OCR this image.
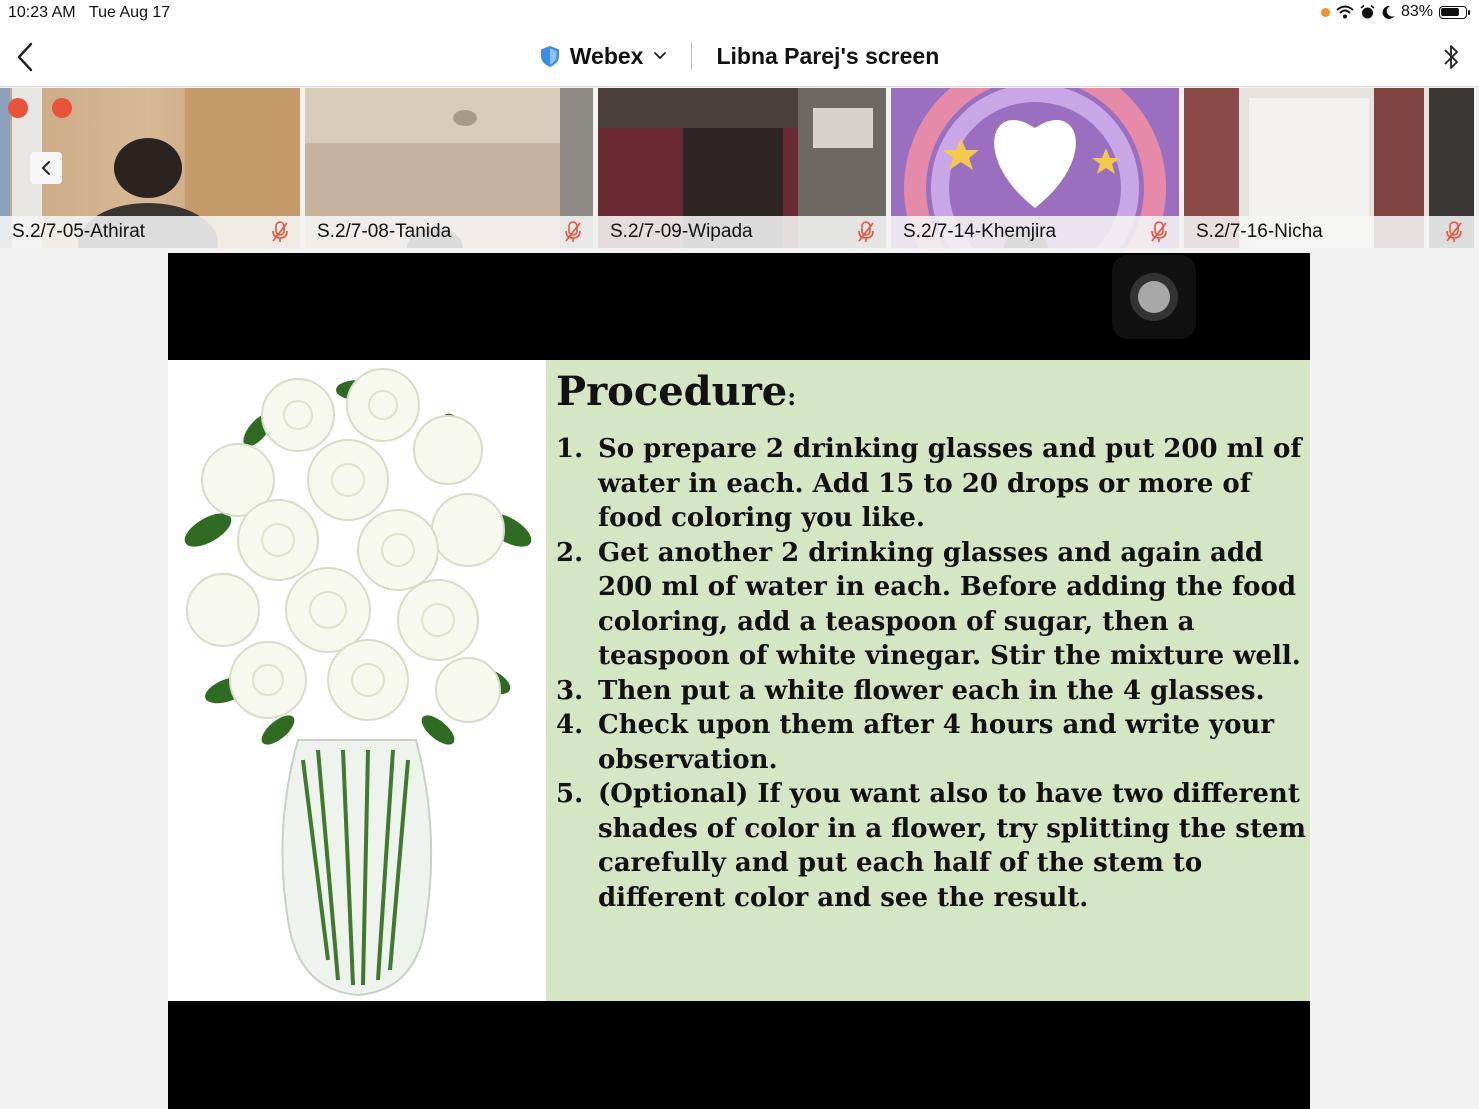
10:23 AM Tue Aug 17	83%
Webex	Libna Parej's screen
S.2/7-05-Athirat	S.2/7-08-Tanida	S.2/7-09-Wipada	S.2/7-14-Khemjira	S.2/7-16-Nicha
Procedure:
1. So prepare 2 drinking glasses and put 200 ml of water in each. Add 15 to 20 drops or more of food coloring you like.
2. Get another 2 drinking glasses and again add 200 ml of water in each. Before adding the food coloring, add a teaspoon of sugar, then a teaspoon of white vinegar. Stir the mixture well.
3. Then put a white flower each in the 4 glasses.
4. Check upon them after 4 hours and write your observation.
5. (Optional) If you want also to have two different shades of color in a flower, try splitting the stem carefully and put each half of the stem to different color and see the result.
